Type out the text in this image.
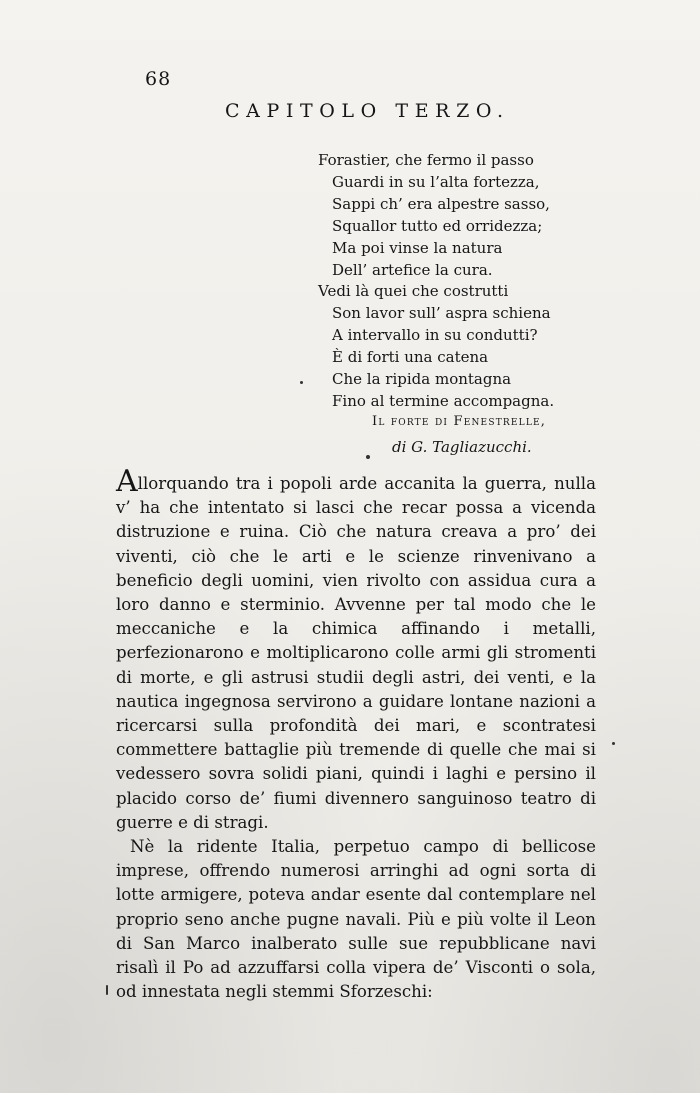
68
CAPITOLO TERZO.
Forastier, che fermo il passo
Guardi in su l’alta fortezza,
Sappi ch’ era alpestre sasso,
Squallor tutto ed orridezza;
Ma poi vinse la natura
Dell’ artefice la cura.
Vedi là quei che costrutti
Son lavor sull’ aspra schiena
A intervallo in su condutti?
È di forti una catena
Che la ripida montagna
Fino al termine accompagna.
Il forte di Fenestrelle,
di G. Tagliazucchi.

Allorquando tra i popoli arde accanita la guerra, nulla v’ ha che intentato si lasci che recar possa a vicenda distruzione e ruina. Ciò che natura creava a pro’ dei viventi, ciò che le arti e le scienze rinvenivano a beneficio degli uomini, vien rivolto con assidua cura a loro danno e sterminio. Avvenne per tal modo che le meccaniche e la chimica affinando i metalli, perfezionarono e moltiplicarono colle armi gli stromenti di morte, e gli astrusi studii degli astri, dei venti, e la nautica ingegnosa servirono a guidare lontane nazioni a ricercarsi sulla profondità dei mari, e scontratesi commettere battaglie più tremende di quelle che mai si vedessero sovra solidi piani, quindi i laghi e persino il placido corso de’ fiumi divennero sanguinoso teatro di guerre e di stragi.

Nè la ridente Italia, perpetuo campo di bellicose imprese, offrendo numerosi arringhi ad ogni sorta di lotte armigere, poteva andar esente dal contemplare nel proprio seno anche pugne navali. Più e più volte il Leon di San Marco inalberato sulle sue repubblicane navi risalì il Po ad azzuffarsi colla vipera de’ Visconti o sola, od innestata negli stemmi Sforzeschi:
